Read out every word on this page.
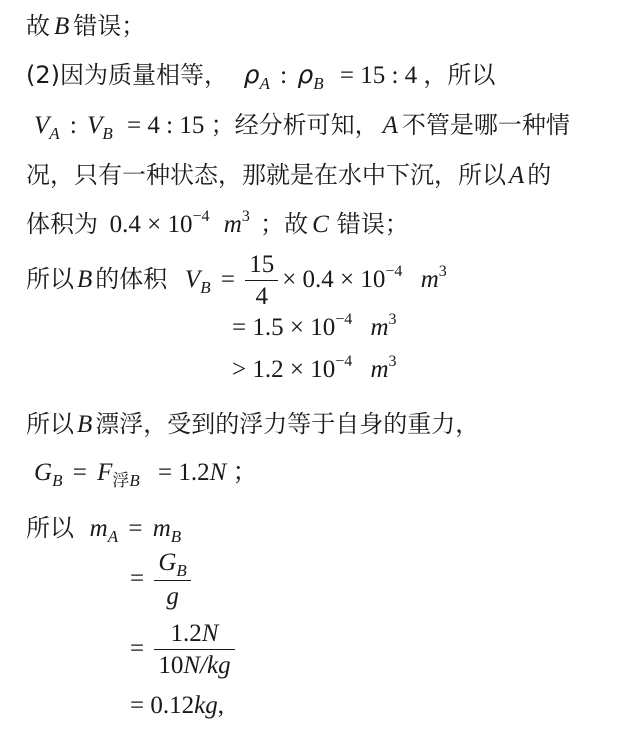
故 B 错误；
(2)因为质量相等， $\rho_A$ : $\rho_B = 15$ : 4 ，所以
$V_A$ : $V_B = 4$ : 15 ；经分析可知， A 不管是哪一种情
况，只有一种状态，那就是在水中下沉，所以 A 的
体积为 $0.4 \times 10^{-4}$ $m^3$ ；故 C 错误；
所以 B 的体积 $V_B = \frac{15}{4} \times 0.4 \times 10^{-4}$ $m^3$
= $1.5 \times 10^{-4}$ $m^3$
> $1.2 \times 10^{-4}$ $m^3$
所以 B 漂浮，受到的浮力等于自身的重力，
$G_B = F_{浮B} = 1.2N$ ；
所以 $m_A = m_B$
= $\frac{G_B}{g}$
= $\frac{1.2N}{10N/kg}$
= 0.12kg,
